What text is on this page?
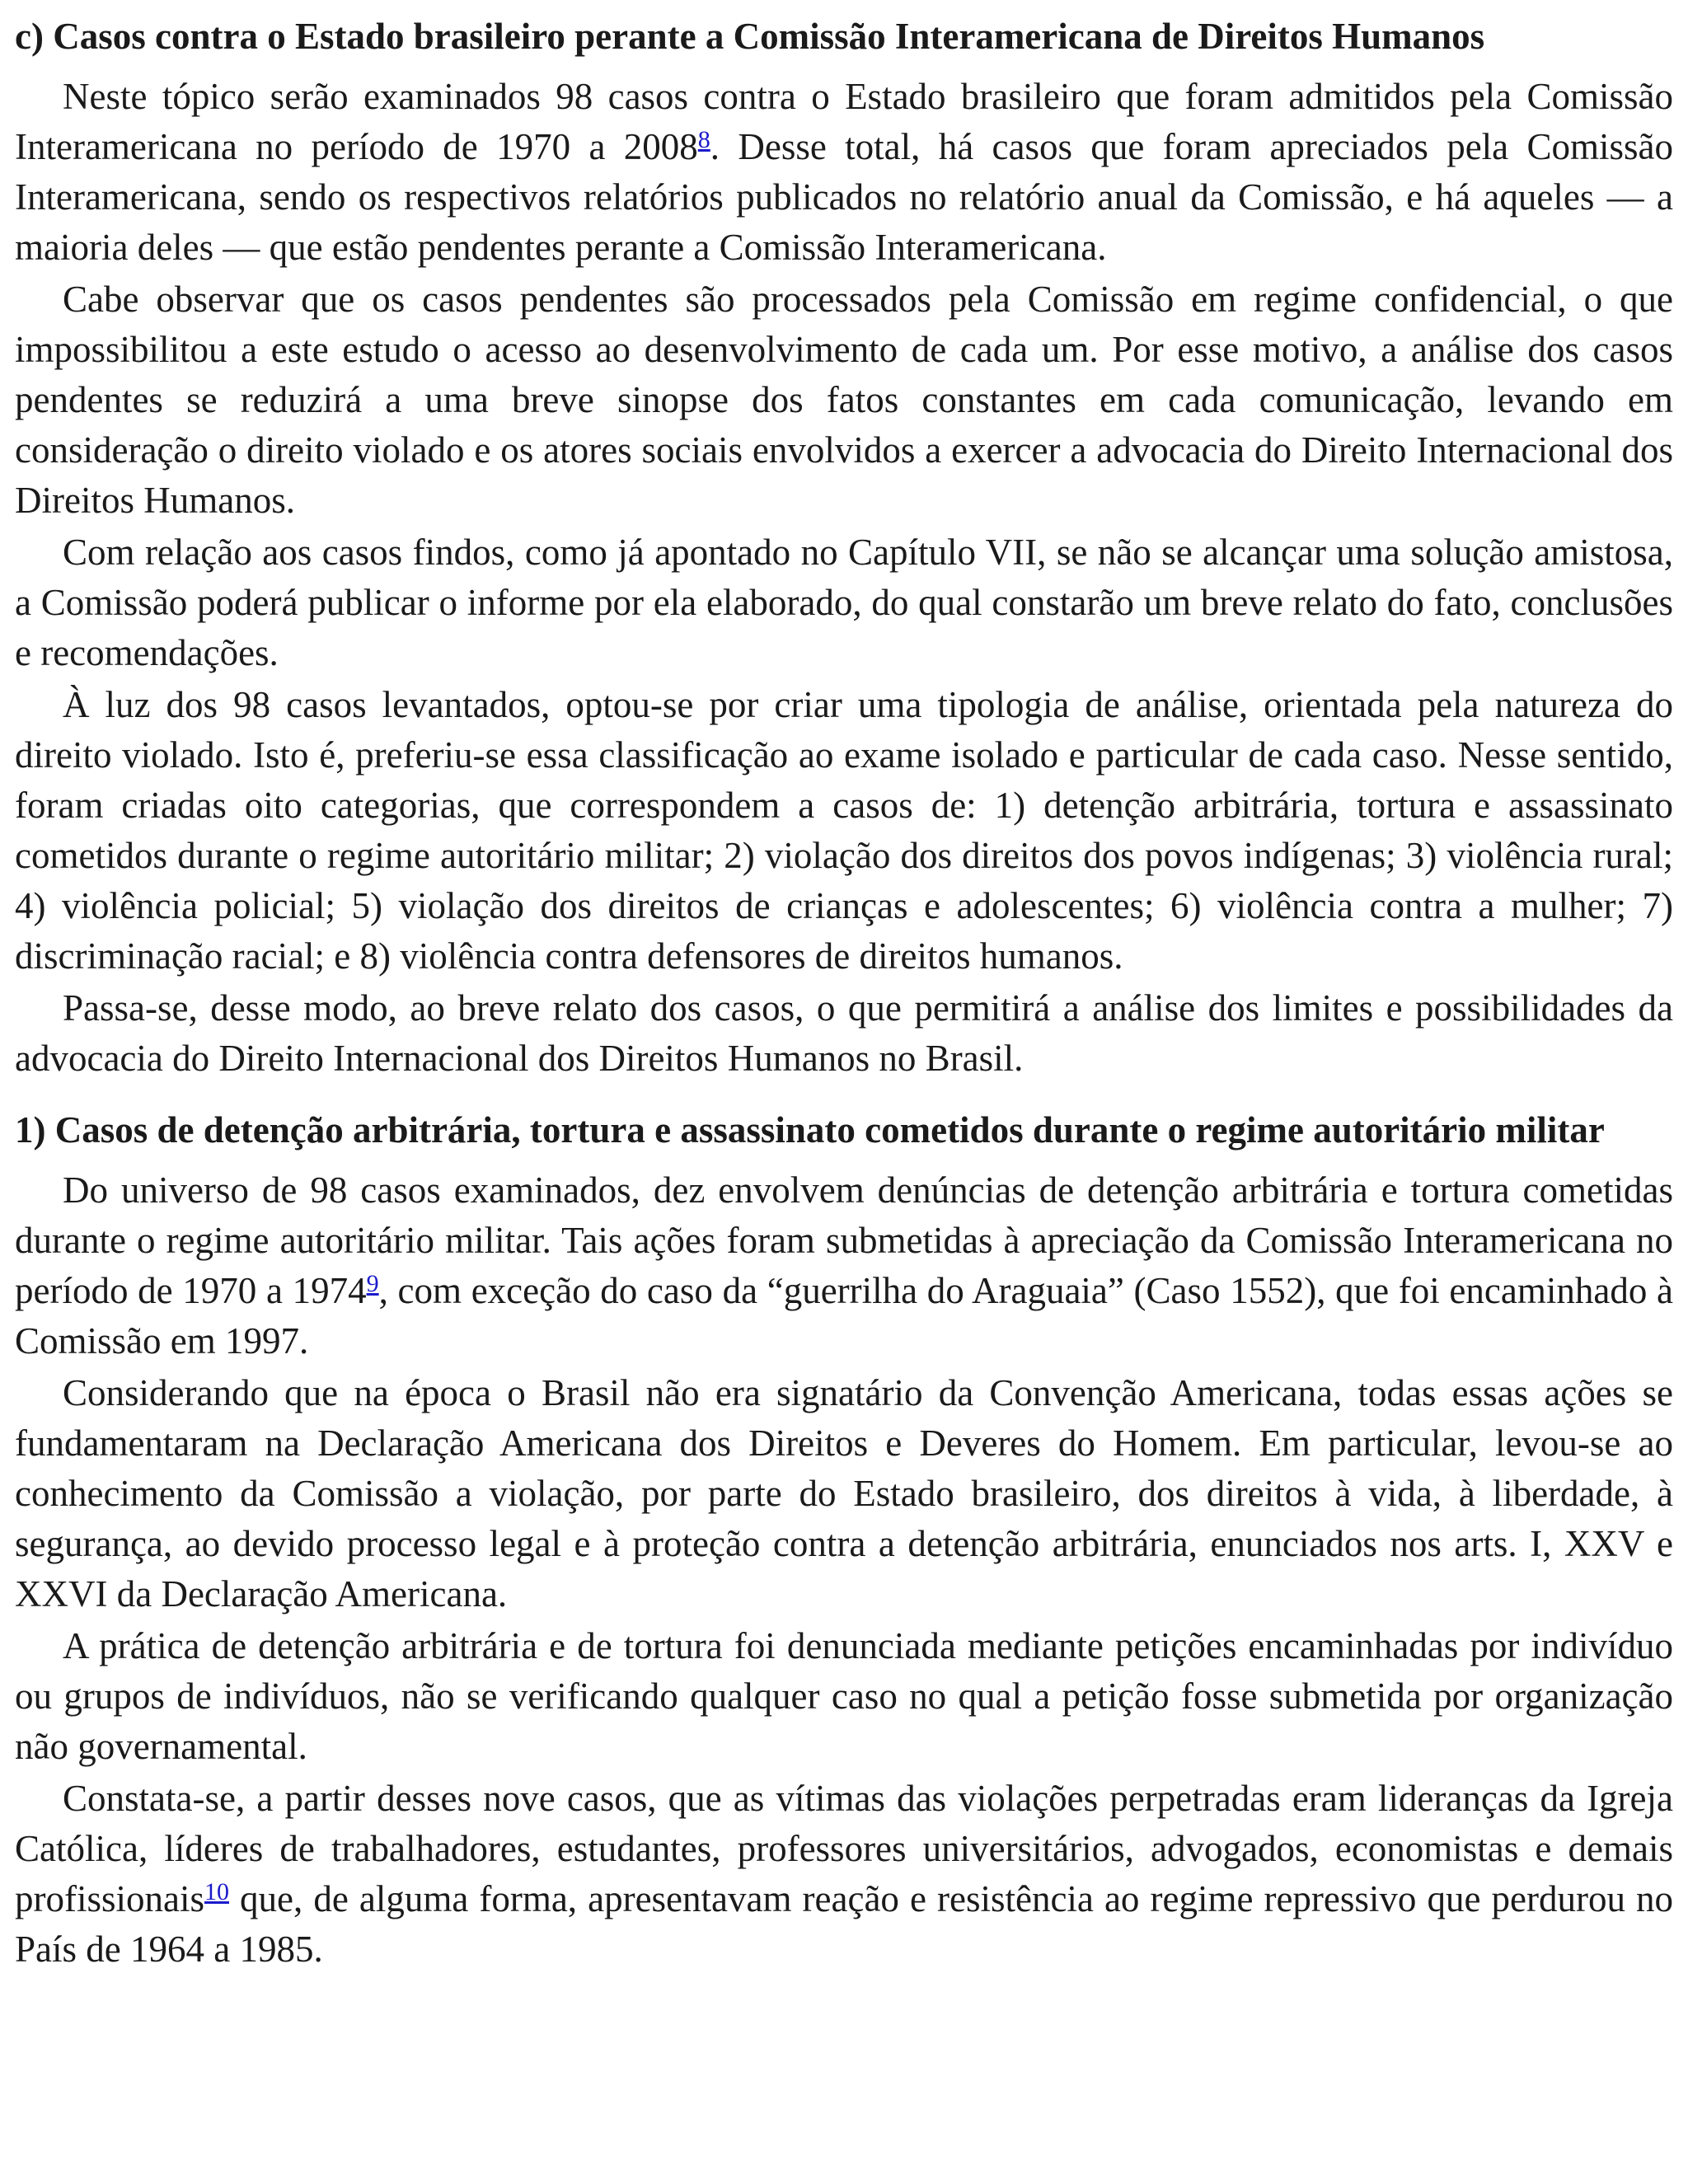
c) Casos contra o Estado brasileiro perante a Comissão Interamericana de Direitos Humanos

Neste tópico serão examinados 98 casos contra o Estado brasileiro que foram admitidos pela Comissão Interamericana no período de 1970 a 2008$^8$. Desse total, há casos que foram apreciados pela Comissão Interamericana, sendo os respectivos relatórios publicados no relatório anual da Comissão, e há aqueles — a maioria deles — que estão pendentes perante a Comissão Interamericana.

Cabe observar que os casos pendentes são processados pela Comissão em regime confidencial, o que impossibilitou a este estudo o acesso ao desenvolvimento de cada um. Por esse motivo, a análise dos casos pendentes se reduzirá a uma breve sinopse dos fatos constantes em cada comunicação, levando em consideração o direito violado e os atores sociais envolvidos a exercer a advocacia do Direito Internacional dos Direitos Humanos.

Com relação aos casos findos, como já apontado no Capítulo VII, se não se alcançar uma solução amistosa, a Comissão poderá publicar o informe por ela elaborado, do qual constarão um breve relato do fato, conclusões e recomendações.

À luz dos 98 casos levantados, optou-se por criar uma tipologia de análise, orientada pela natureza do direito violado. Isto é, preferiu-se essa classificação ao exame isolado e particular de cada caso. Nesse sentido, foram criadas oito categorias, que correspondem a casos de: 1) detenção arbitrária, tortura e assassinato cometidos durante o regime autoritário militar; 2) violação dos direitos dos povos indígenas; 3) violência rural; 4) violência policial; 5) violação dos direitos de crianças e adolescentes; 6) violência contra a mulher; 7) discriminação racial; e 8) violência contra defensores de direitos humanos.

Passa-se, desse modo, ao breve relato dos casos, o que permitirá a análise dos limites e possibilidades da advocacia do Direito Internacional dos Direitos Humanos no Brasil.

1) Casos de detenção arbitrária, tortura e assassinato cometidos durante o regime autoritário militar

Do universo de 98 casos examinados, dez envolvem denúncias de detenção arbitrária e tortura cometidas durante o regime autoritário militar. Tais ações foram submetidas à apreciação da Comissão Interamericana no período de 1970 a 1974$^9$, com exceção do caso da “guerrilha do Araguaia” (Caso 1552), que foi encaminhado à Comissão em 1997.

Considerando que na época o Brasil não era signatário da Convenção Americana, todas essas ações se fundamentaram na Declaração Americana dos Direitos e Deveres do Homem. Em particular, levou-se ao conhecimento da Comissão a violação, por parte do Estado brasileiro, dos direitos à vida, à liberdade, à segurança, ao devido processo legal e à proteção contra a detenção arbitrária, enunciados nos arts. I, XXV e XXVI da Declaração Americana.

A prática de detenção arbitrária e de tortura foi denunciada mediante petições encaminhadas por indivíduo ou grupos de indivíduos, não se verificando qualquer caso no qual a petição fosse submetida por organização não governamental.

Constata-se, a partir desses nove casos, que as vítimas das violações perpetradas eram lideranças da Igreja Católica, líderes de trabalhadores, estudantes, professores universitários, advogados, economistas e demais profissionais$^{10}$ que, de alguma forma, apresentavam reação e resistência ao regime repressivo que perdurou no País de 1964 a 1985.
